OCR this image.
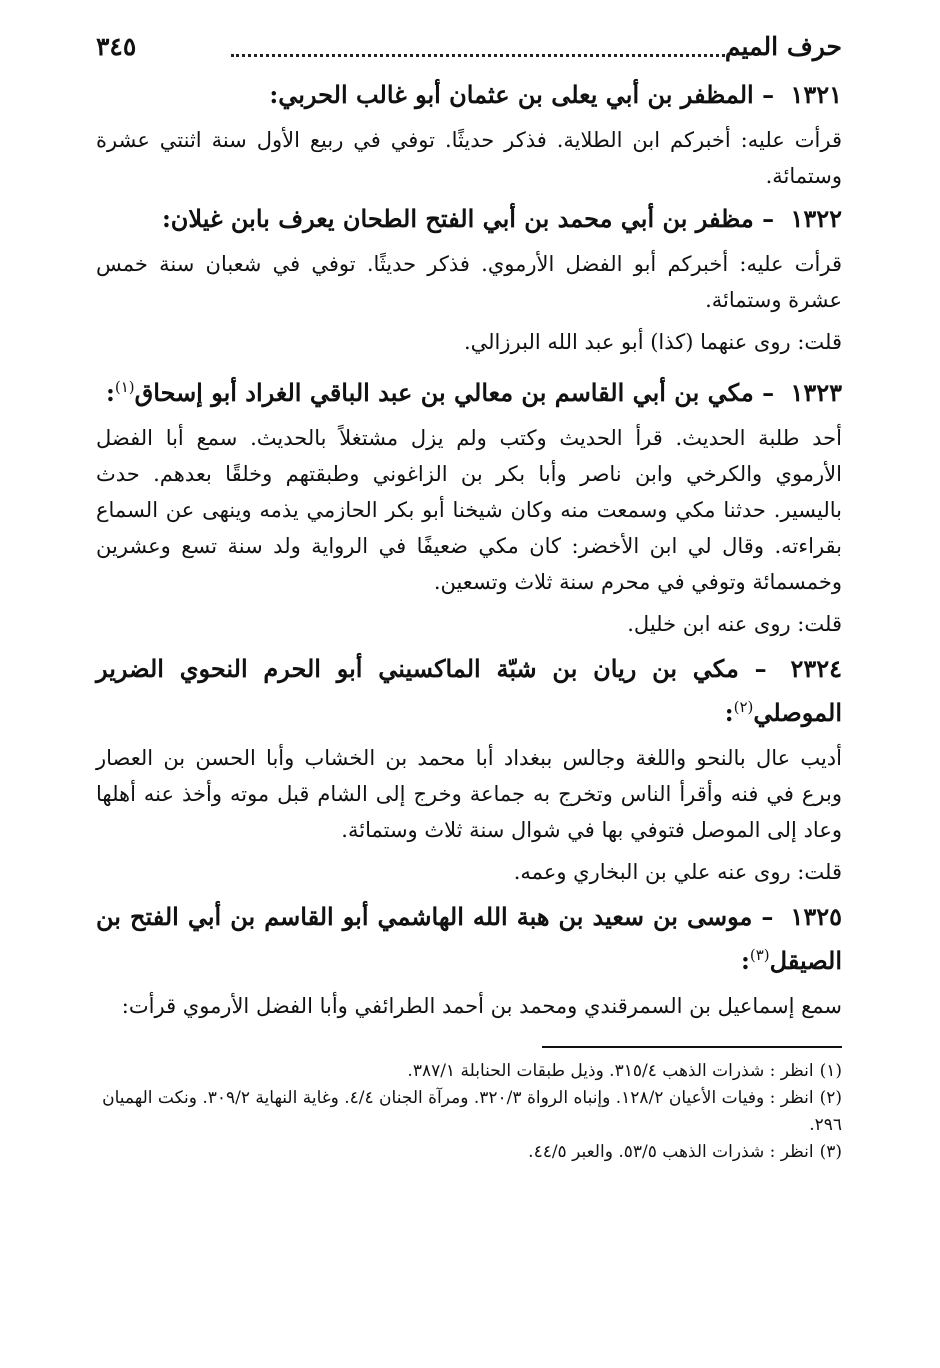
حرف الميم
٣٤٥
١٣٢١ – المظفر بن أبي يعلى بن عثمان أبو غالب الحربي:

قرأت عليه: أخبركم ابن الطلاية. فذكر حديثًا. توفي في ربيع الأول سنة اثنتي عشرة وستمائة.

١٣٢٢ – مظفر بن أبي محمد بن أبي الفتح الطحان يعرف بابن غيلان:

قرأت عليه: أخبركم أبو الفضل الأرموي. فذكر حديثًا. توفي في شعبان سنة خمس عشرة وستمائة.

قلت: روى عنهما (كذا) أبو عبد الله البرزالي.

١٣٢٣ – مكي بن أبي القاسم بن معالي بن عبد الباقي الغراد أبو إسحاق$^{(١)}$:

أحد طلبة الحديث. قرأ الحديث وكتب ولم يزل مشتغلاً بالحديث. سمع أبا الفضل الأرموي والكرخي وابن ناصر وأبا بكر بن الزاغوني وطبقتهم وخلقًا بعدهم. حدث باليسير. حدثنا مكي وسمعت منه وكان شيخنا أبو بكر الحازمي يذمه وينهى عن السماع بقراءته. وقال لي ابن الأخضر: كان مكي ضعيفًا في الرواية ولد سنة تسع وعشرين وخمسمائة وتوفي في محرم سنة ثلاث وتسعين.

قلت: روى عنه ابن خليل.

٢٣٢٤ – مكي بن ريان بن شبّة الماكسيني أبو الحرم النحوي الضرير الموصلي$^{(٢)}$:

أديب عال بالنحو واللغة وجالس ببغداد أبا محمد بن الخشاب وأبا الحسن بن العصار وبرع في فنه وأقرأ الناس وتخرج به جماعة وخرج إلى الشام قبل موته وأخذ عنه أهلها وعاد إلى الموصل فتوفي بها في شوال سنة ثلاث وستمائة.

قلت: روى عنه علي بن البخاري وعمه.

١٣٢٥ – موسى بن سعيد بن هبة الله الهاشمي أبو القاسم بن أبي الفتح بن الصيقل$^{(٣)}$:

سمع إسماعيل بن السمرقندي ومحمد بن أحمد الطرائفي وأبا الفضل الأرموي قرأت:

(١)انظر : شذرات الذهب ٣١٥/٤. وذيل طبقات الحنابلة ٣٨٧/١.

(٢)انظر : وفيات الأعيان ١٢٨/٢. وإنباه الرواة ٣٢٠/٣. ومرآة الجنان ٤/٤. وغاية النهاية ٣٠٩/٢. ونكت الهميان ٢٩٦.

(٣)انظر : شذرات الذهب ٥٣/٥. والعبر ٤٤/٥.
